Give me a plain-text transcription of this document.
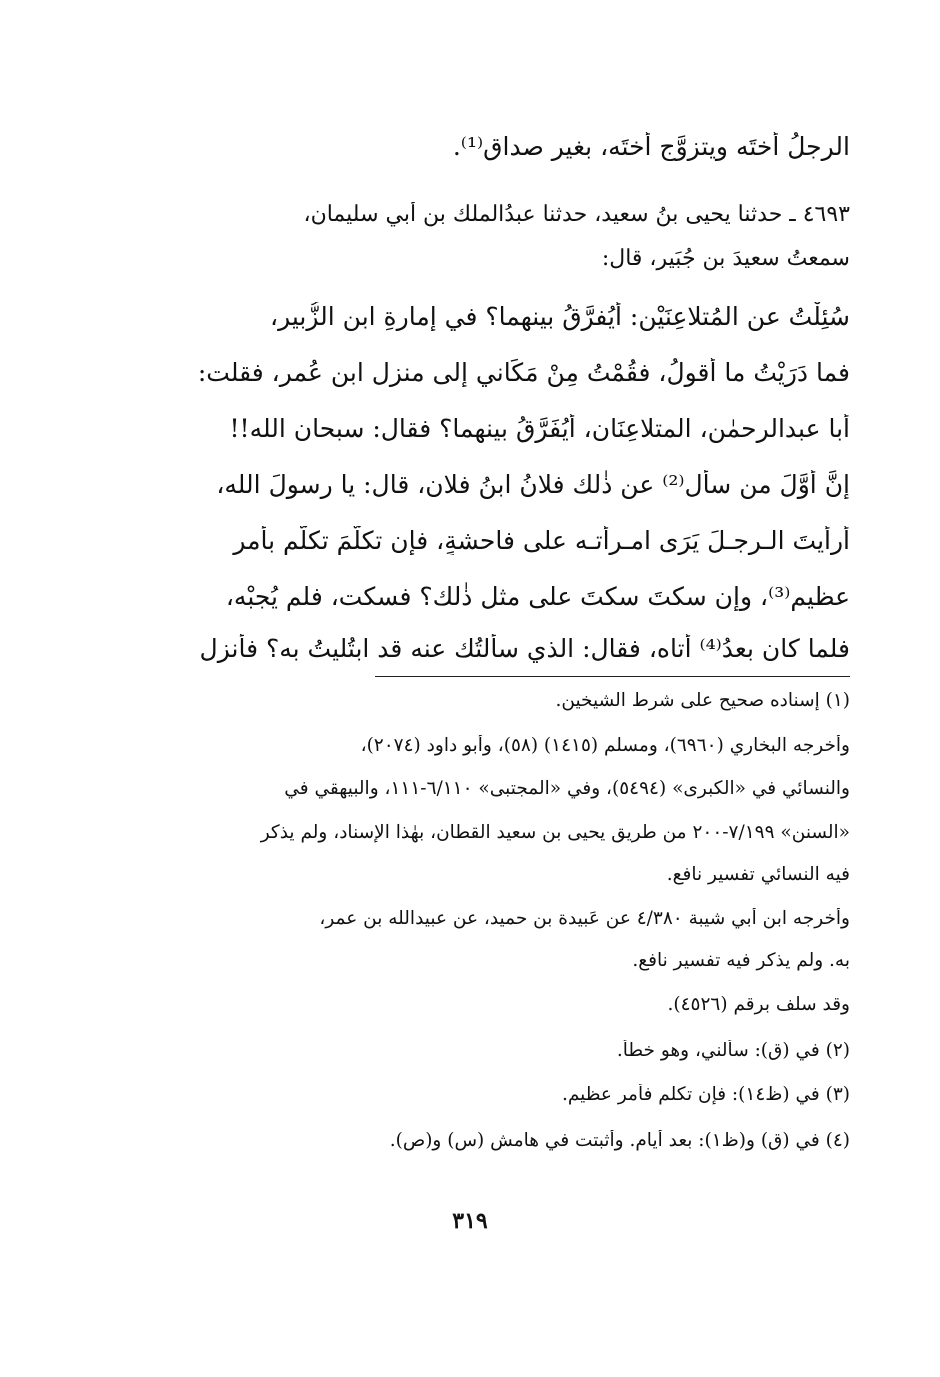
الرجلُ أختَه ويتزوَّج أختَه، بغير صداقٍ⁽¹⁾.
٤٦٩٣ ـ حدثنا يحيى بنُ سعيد، حدثنا عبدُالملك بن أبي سليمان،
سمعتُ سعيدَ بن جُبَير، قال:
سُئِلْتُ عن المُتلاعِنَيْن: أيُفرَّقُ بينهما؟ في إمارةِ ابنِ الزُّبير،
فما دَرَيْتُ ما أقولُ، فقُمْتُ مِنْ مَكَاني إلى منزل ابنِ عُمر، فقلت:
أبا عبدالرحمٰن، المتلاعِنَان، أيُفَرَّقُ بينهما؟ فقال: سبحان الله!!
إنَّ أوَّلَ من سأل⁽²⁾ عن ذٰلك فلانُ ابنُ فلان، قال: يا رسولَ الله،
أرأيتَ الـرجـلَ يَرَى امـرأتـه على فاحشةٍ، فإن تكلَّمَ تكلَّم بأمرٍ
عظيمٍ⁽³⁾، وإن سكتَ سكتَ على مثل ذٰلك؟ فسكت، فلم يُجبْه،
فلما كان بعدُ⁽⁴⁾ أتاه، فقال: الذي سألتُك عنه قد ابتُليتُ به؟ فأنزل
(١) إسناده صحيح على شرط الشيخين.
وأخرجه البخاري (٦٩٦٠)، ومسلم (١٤١٥) (٥٨)، وأبو داود (٢٠٧٤)،
والنسائي في «الكبرى» (٥٤٩٤)، وفي «المجتبى» ٦/١١٠-١١١، والبيهقي في
«السنن» ٧/١٩٩-٢٠٠ من طريق يحيى بن سعيد القطان، بهٰذا الإسناد، ولم يذكر
فيه النسائي تفسير نافع.
وأخرجه ابن أبي شيبة ٤/٣٨٠ عن عَبيدة بن حميد، عن عبيدالله بن عمر،
به. ولم يذكر فيه تفسير نافع.
وقد سلف برقم (٤٥٢٦).
(٢) في (ق): سألني، وهو خطأ.
(٣) في (ظ١٤): فإن تكلم فأمر عظيم.
(٤) في (ق) و(ظ١): بعد أيام. وأثبتت في هامش (س) و(ص).
٣١٩
